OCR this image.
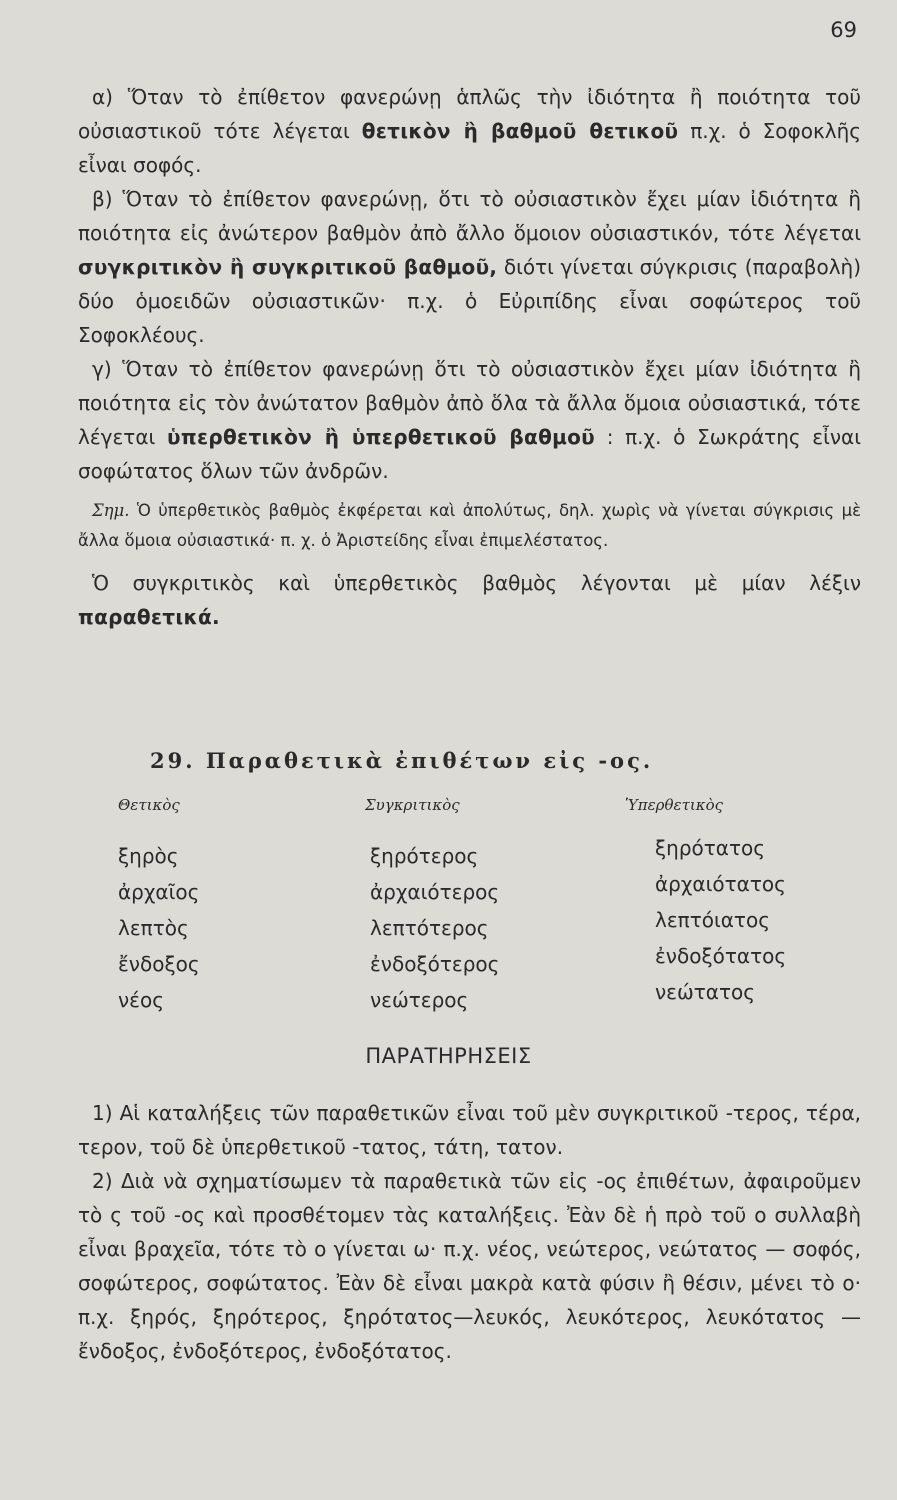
69

α) Ὅταν τὸ ἐπίθετον φανερώνῃ ἁπλῶς τὴν ἰδιότητα ἢ ποιότητα τοῦ οὐσιαστικοῦ τότε λέγεται θετικὸν ἢ βαθμοῦ θετικοῦ π.χ. ὁ Σοφοκλῆς εἶναι σοφός.

β) Ὅταν τὸ ἐπίθετον φανερώνῃ, ὅτι τὸ οὐσιαστικὸν ἔχει μίαν ἰδιότητα ἢ ποιότητα εἰς ἀνώτερον βαθμὸν ἀπὸ ἄλλο ὅμοιον οὐσιαστικόν, τότε λέγεται συγκριτικὸν ἢ συγκριτικοῦ βαθμοῦ, διότι γίνεται σύγκρισις (παραβολὴ) δύο ὁμοειδῶν οὐσιαστικῶν· π.χ. ὁ Εὐριπίδης εἶναι σοφώτερος τοῦ Σοφοκλέους.

γ) Ὅταν τὸ ἐπίθετον φανερώνῃ ὅτι τὸ οὐσιαστικὸν ἔχει μίαν ἰδιότητα ἢ ποιότητα εἰς τὸν ἀνώτατον βαθμὸν ἀπὸ ὅλα τὰ ἄλλα ὅμοια οὐσιαστικά, τότε λέγεται ὑπερθετικὸν ἢ ὑπερθετικοῦ βαθμοῦ : π.χ. ὁ Σωκράτης εἶναι σοφώτατος ὅλων τῶν ἀνδρῶν.

Σημ. Ὁ ὑπερθετικὸς βαθμὸς ἐκφέρεται καὶ ἀπολύτως, δηλ. χωρὶς νὰ γίνεται σύγκρισις μὲ ἄλλα ὅμοια οὐσιαστικά· π. χ. ὁ Ἀριστείδης εἶναι ἐπιμελέστατος.

Ὁ συγκριτικὸς καὶ ὑπερθετικὸς βαθμὸς λέγονται μὲ μίαν λέξιν παραθετικά.

29. Παραθετικὰ ἐπιθέτων εἰς -ος.
Θετικὸς	Συγκριτικὸς	Ὑπερθετικὸς
ξηρὸς
ἀρχαῖος
λεπτὸς
ἔνδοξος
νέος
ξηρότερος
ἀρχαιότερος
λεπτότερος
ἐνδοξότερος
νεώτερος
ξηρότατος
ἀρχαιότατος
λεπτόιατος
ἐνδοξότατος
νεώτατος
ΠΑΡΑΤΗΡΗΣΕΙΣ

1) Αἱ καταλήξεις τῶν παραθετικῶν εἶναι τοῦ μὲν συγκριτικοῦ -τερος, τέρα, τερον, τοῦ δὲ ὑπερθετικοῦ -τατος, τάτη, τατον.

2) Διὰ νὰ σχηματίσωμεν τὰ παραθετικὰ τῶν εἰς -ος ἐπιθέτων, ἀφαιροῦμεν τὸ ς τοῦ -ος καὶ προσθέτομεν τὰς καταλήξεις. Ἐὰν δὲ ἡ πρὸ τοῦ ο συλλαβὴ εἶναι βραχεῖα, τότε τὸ ο γίνεται ω· π.χ. νέος, νεώτερος, νεώτατος — σοφός, σοφώτερος, σοφώτατος. Ἐὰν δὲ εἶναι μακρὰ κατὰ φύσιν ἢ θέσιν, μένει τὸ ο· π.χ. ξηρός, ξηρότερος, ξηρότατος—λευκός, λευκότερος, λευκότατος — ἔνδοξος, ἐνδοξότερος, ἐνδοξότατος.
